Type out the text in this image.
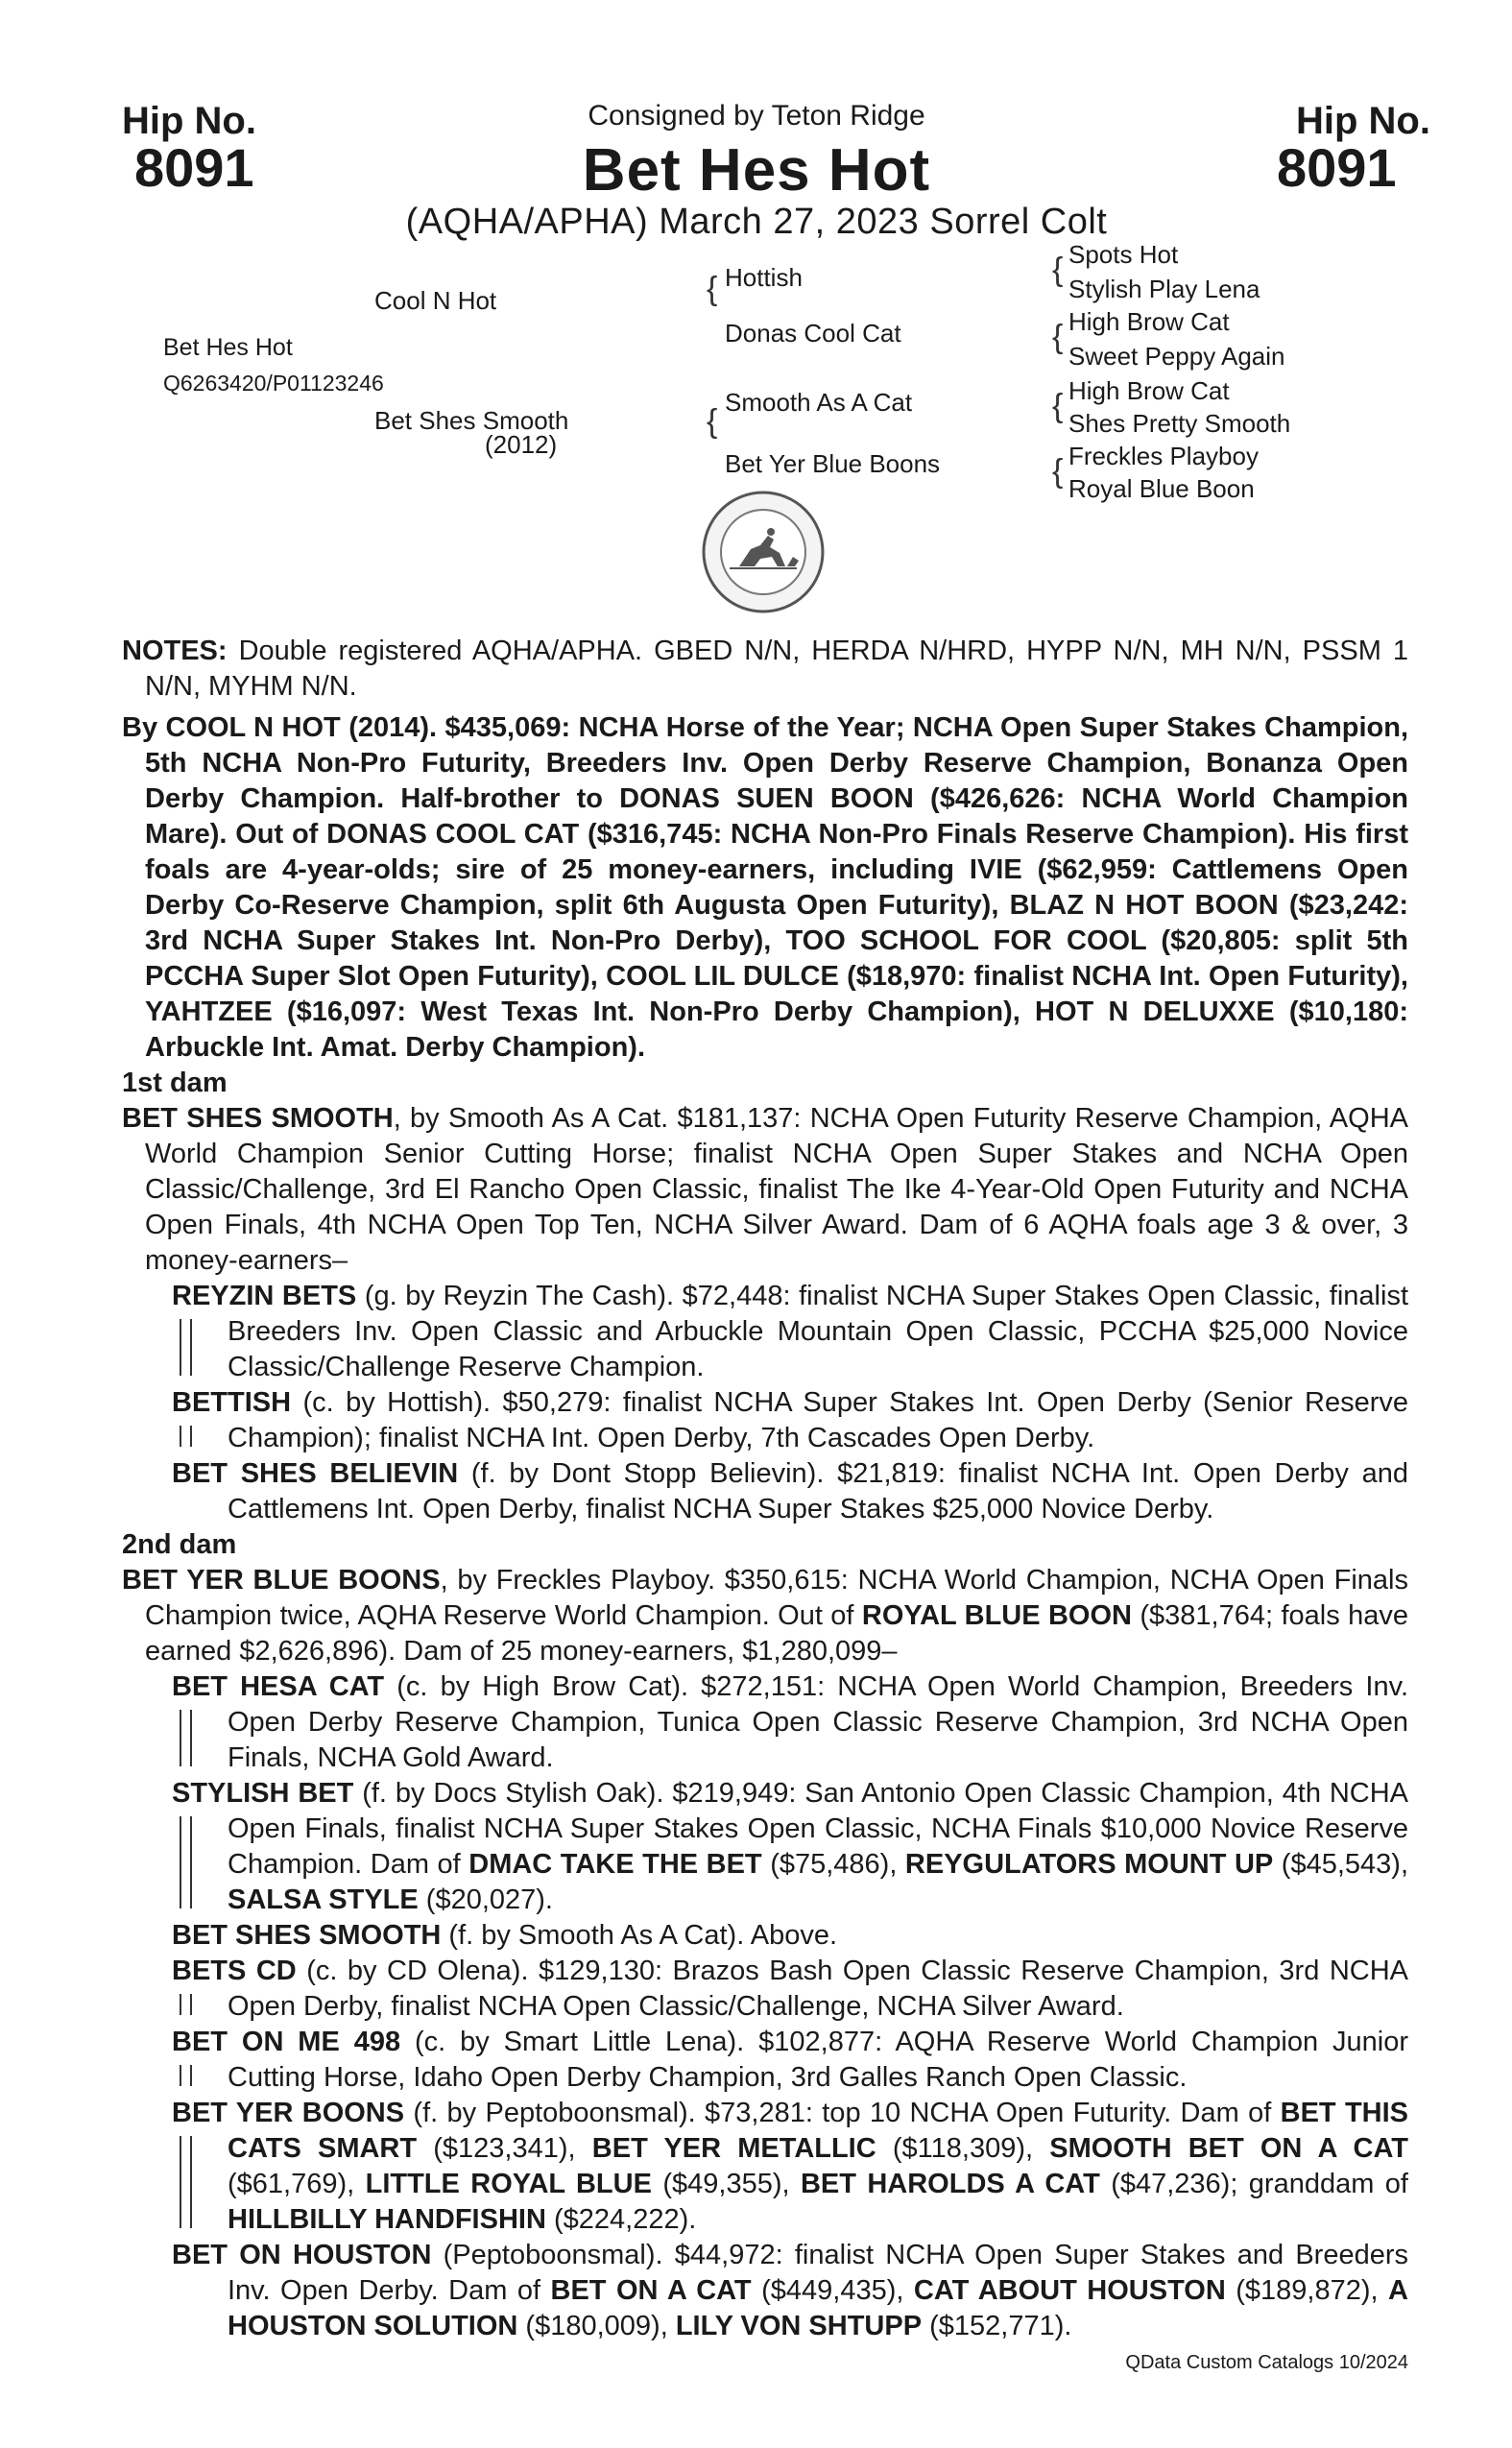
Hip No.
8091
Hip No.
8091
Consigned by Teton Ridge
Bet Hes Hot
(AQHA/APHA) March 27, 2023 Sorrel Colt
Cool N Hot
Bet Hes Hot
Q6263420/P01123246
Bet Shes Smooth
(2012)
{ Hottish
Donas Cool Cat
{
Smooth As A Cat
Bet Yer Blue Boons
{ Spots Hot
Stylish Play Lena
{ High Brow Cat
Sweet Peppy Again
{ High Brow Cat
Shes Pretty Smooth
{ Freckles Playboy
Royal Blue Boon

NOTES: Double registered AQHA/APHA. GBED N/N, HERDA N/HRD, HYPP N/N, MH N/N, PSSM 1 N/N, MYHM N/N.

By COOL N HOT (2014). $435,069: NCHA Horse of the Year; NCHA Open Super Stakes Champion, 5th NCHA Non-Pro Futurity, Breeders Inv. Open Derby Reserve Champion, Bonanza Open Derby Champion. Half-brother to DONAS SUEN BOON ($426,626: NCHA World Champion Mare). Out of DONAS COOL CAT ($316,745: NCHA Non-Pro Finals Reserve Champion). His first foals are 4-year-olds; sire of 25 money-earners, including IVIE ($62,959: Cattlemens Open Derby Co-Reserve Champion, split 6th Augusta Open Futurity), BLAZ N HOT BOON ($23,242: 3rd NCHA Super Stakes Int. Non-Pro Derby), TOO SCHOOL FOR COOL ($20,805: split 5th PCCHA Super Slot Open Futurity), COOL LIL DULCE ($18,970: finalist NCHA Int. Open Futurity), YAHTZEE ($16,097: West Texas Int. Non-Pro Derby Champion), HOT N DELUXXE ($10,180: Arbuckle Int. Amat. Derby Champion).

1st dam

BET SHES SMOOTH, by Smooth As A Cat. $181,137: NCHA Open Futurity Reserve Champion, AQHA World Champion Senior Cutting Horse; finalist NCHA Open Super Stakes and NCHA Open Classic/Challenge, 3rd El Rancho Open Classic, finalist The Ike 4-Year-Old Open Futurity and NCHA Open Finals, 4th NCHA Open Top Ten, NCHA Silver Award. Dam of 6 AQHA foals age 3 & over, 3 money-earners–

REYZIN BETS (g. by Reyzin The Cash). $72,448: finalist NCHA Super Stakes Open Classic, finalist Breeders Inv. Open Classic and Arbuckle Mountain Open Classic, PCCHA $25,000 Novice Classic/Challenge Reserve Champion.

BETTISH (c. by Hottish). $50,279: finalist NCHA Super Stakes Int. Open Derby (Senior Reserve Champion); finalist NCHA Int. Open Derby, 7th Cascades Open Derby.

BET SHES BELIEVIN (f. by Dont Stopp Believin). $21,819: finalist NCHA Int. Open Derby and Cattlemens Int. Open Derby, finalist NCHA Super Stakes $25,000 Novice Derby.

2nd dam

BET YER BLUE BOONS, by Freckles Playboy. $350,615: NCHA World Champion, NCHA Open Finals Champion twice, AQHA Reserve World Champion. Out of ROYAL BLUE BOON ($381,764; foals have earned $2,626,896). Dam of 25 money-earners, $1,280,099–

BET HESA CAT (c. by High Brow Cat). $272,151: NCHA Open World Champion, Breeders Inv. Open Derby Reserve Champion, Tunica Open Classic Reserve Champion, 3rd NCHA Open Finals, NCHA Gold Award.

STYLISH BET (f. by Docs Stylish Oak). $219,949: San Antonio Open Classic Champion, 4th NCHA Open Finals, finalist NCHA Super Stakes Open Classic, NCHA Finals $10,000 Novice Reserve Champion. Dam of DMAC TAKE THE BET ($75,486), REYGULATORS MOUNT UP ($45,543), SALSA STYLE ($20,027).

BET SHES SMOOTH (f. by Smooth As A Cat). Above.

BETS CD (c. by CD Olena). $129,130: Brazos Bash Open Classic Reserve Champion, 3rd NCHA Open Derby, finalist NCHA Open Classic/Challenge, NCHA Silver Award.

BET ON ME 498 (c. by Smart Little Lena). $102,877: AQHA Reserve World Champion Junior Cutting Horse, Idaho Open Derby Champion, 3rd Galles Ranch Open Classic.

BET YER BOONS (f. by Peptoboonsmal). $73,281: top 10 NCHA Open Futurity. Dam of BET THIS CATS SMART ($123,341), BET YER METALLIC ($118,309), SMOOTH BET ON A CAT ($61,769), LITTLE ROYAL BLUE ($49,355), BET HAROLDS A CAT ($47,236); granddam of HILLBILLY HANDFISHIN ($224,222).

BET ON HOUSTON (Peptoboonsmal). $44,972: finalist NCHA Open Super Stakes and Breeders Inv. Open Derby. Dam of BET ON A CAT ($449,435), CAT ABOUT HOUSTON ($189,872), A HOUSTON SOLUTION ($180,009), LILY VON SHTUPP ($152,771).

QData Custom Catalogs 10/2024
